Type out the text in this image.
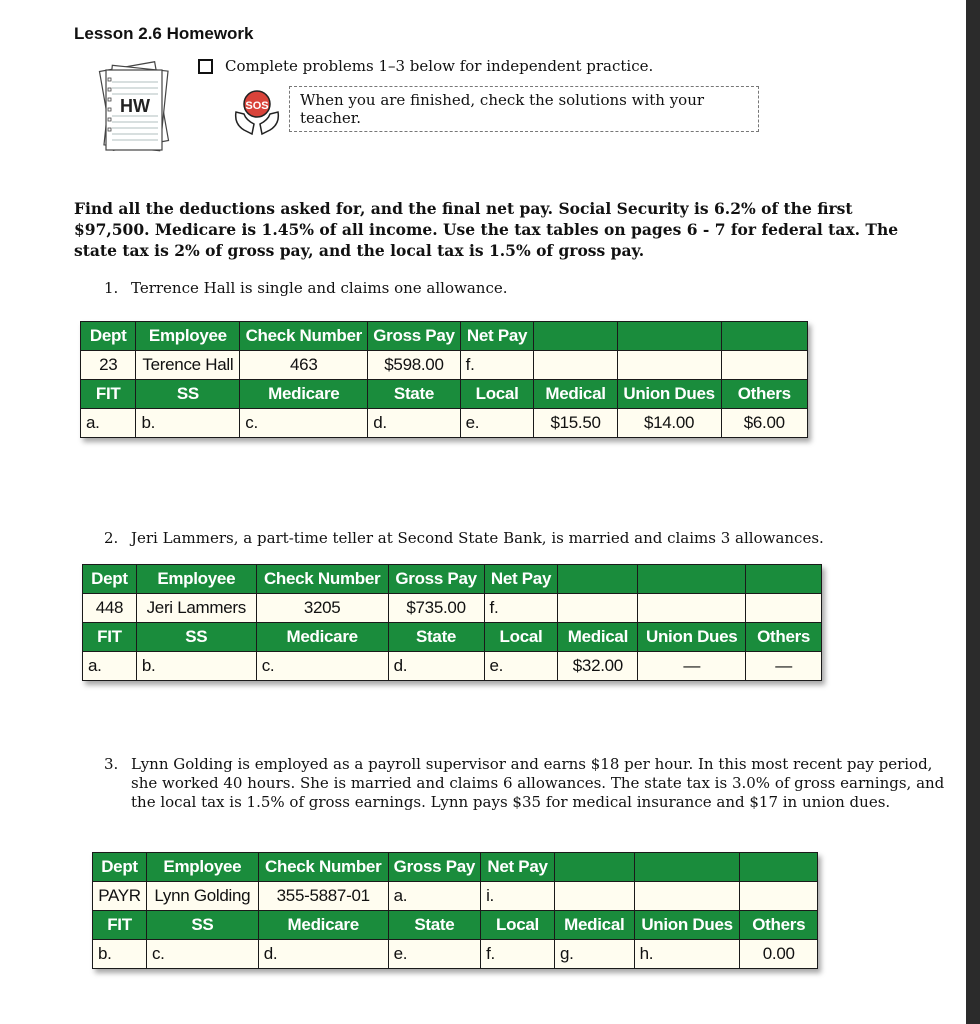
Lesson 2.6 Homework
HW
Complete problems 1–3 below for independent practice.
SOS When you are finished, check the solutions with your teacher.
Find all the deductions asked for, and the final net pay. Social Security is 6.2% of the first $97,500. Medicare is 1.45% of all income. Use the tax tables on pages 6 - 7 for federal tax. The state tax is 2% of gross pay, and the local tax is 1.5% of gross pay.
1. Terrence Hall is single and claims one allowance.
Dept	Employee	Check Number	Gross Pay	Net Pay			
23	Terence Hall	463	$598.00	f.			
FIT	SS	Medicare	State	Local	Medical	Union Dues	Others
a.	b.	c.	d.	e.	$15.50	$14.00	$6.00
2. Jeri Lammers, a part-time teller at Second State Bank, is married and claims 3 allowances.
Dept	Employee	Check Number	Gross Pay	Net Pay			
448	Jeri Lammers	3205	$735.00	f.			
FIT	SS	Medicare	State	Local	Medical	Union Dues	Others
a.	b.	c.	d.	e.	$32.00	—	—
3. Lynn Golding is employed as a payroll supervisor and earns $18 per hour. In this most recent pay period,
she worked 40 hours. She is married and claims 6 allowances. The state tax is 3.0% of gross earnings, and
the local tax is 1.5% of gross earnings. Lynn pays $35 for medical insurance and $17 in union dues.
Dept	Employee	Check Number	Gross Pay	Net Pay			
PAYR	Lynn Golding	355-5887-01	a.	i.			
FIT	SS	Medicare	State	Local	Medical	Union Dues	Others
b.	c.	d.	e.	f.	g.	h.	0.00
